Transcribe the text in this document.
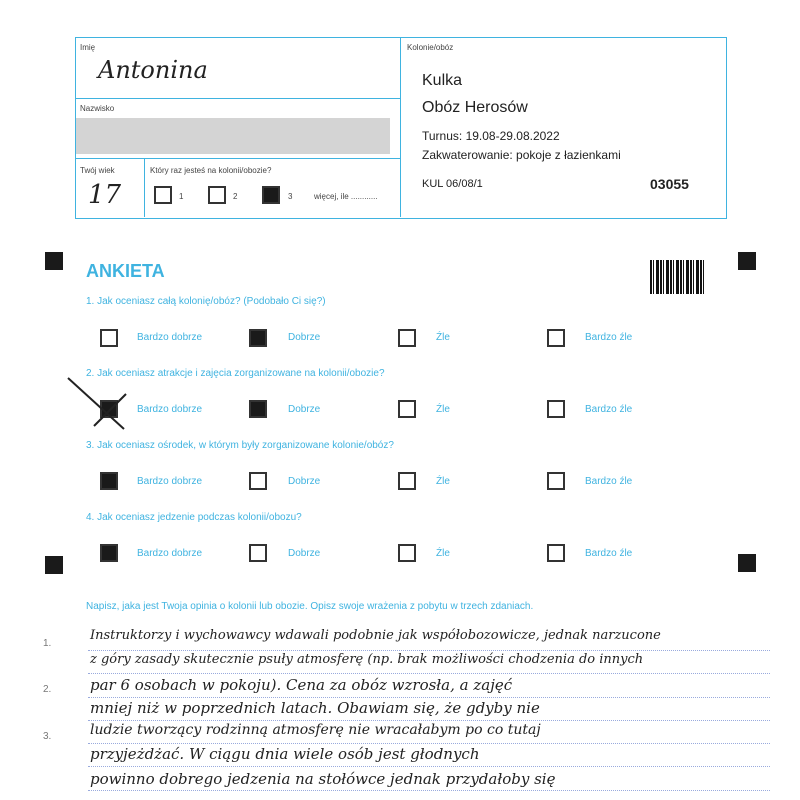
Imię
Antonina
Nazwisko
Twój wiek
17
Który raz jesteś na kolonii/obozie?
1	2	3	więcej, ile ............
Kolonie/obóz
Kulka
Obóz Herosów
Turnus: 19.08-29.08.2022
Zakwaterowanie: pokoje z łazienkami
KUL 06/08/1	03055
ANKIETA
1. Jak oceniasz całą kolonię/obóz? (Podobało Ci się?)
2. Jak oceniasz atrakcje i zajęcia zorganizowane na kolonii/obozie?
3. Jak oceniasz ośrodek, w którym były zorganizowane kolonie/obóz?
4. Jak oceniasz jedzenie podczas kolonii/obozu?
Bardzo dobrze	Dobrze	Źle	Bardzo źle
Bardzo dobrze	Dobrze	Źle	Bardzo źle
Bardzo dobrze	Dobrze	Źle	Bardzo źle
Bardzo dobrze	Dobrze	Źle	Bardzo źle
Napisz, jaka jest Twoja opinia o kolonii lub obozie. Opisz swoje wrażenia z pobytu w trzech zdaniach.
1.
2.
3.
Instruktorzy i wychowawcy wdawali podobnie jak współobozowicze, jednak narzucone
z góry zasady skutecznie psuły atmosferę (np. brak możliwości chodzenia do innych
par 6 osobach w pokoju). Cena za obóz wzrosła, a zajęć
mniej niż w poprzednich latach. Obawiam się, że gdyby nie
ludzie tworzący rodzinną atmosferę nie wracałabym po co tutaj
przyjeżdżać. W ciągu dnia wiele osób jest głodnych
powinno dobrego jedzenia na stołówce jednak przydałoby się
